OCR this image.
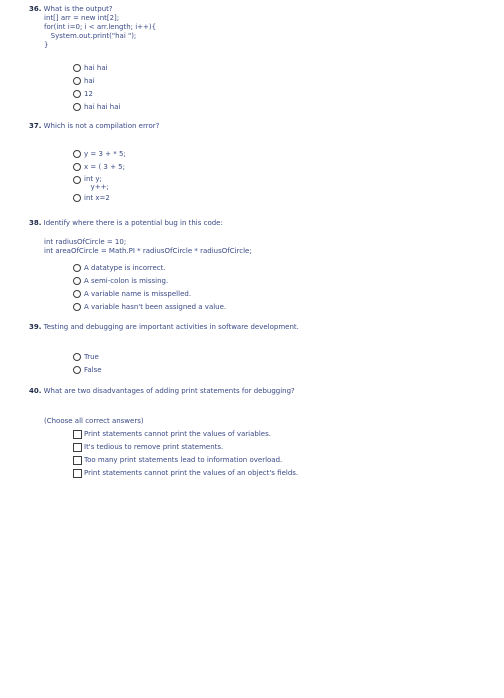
36. What is the output?
int[] arr = new int[2];
for(int i=0; i < arr.length; i++){
System.out.print("hai ");
}
hai hai
hai
12
hai hai hai
37. Which is not a compilation error?
y = 3 + * 5;
x = ( 3 + 5;
int y;
y++;
int x=2
38. Identify where there is a potential bug in this code:
int radiusOfCircle = 10;
int areaOfCircle = Math.PI * radiusOfCircle * radiusOfCircle;
A datatype is incorrect.
A semi-colon is missing.
A variable name is misspelled.
A variable hasn't been assigned a value.
39. Testing and debugging are important activities in software development.
True
False
40. What are two disadvantages of adding print statements for debugging?
(Choose all correct answers)
Print statements cannot print the values of variables.
It's tedious to remove print statements.
Too many print statements lead to information overload.
Print statements cannot print the values of an object's fields.
